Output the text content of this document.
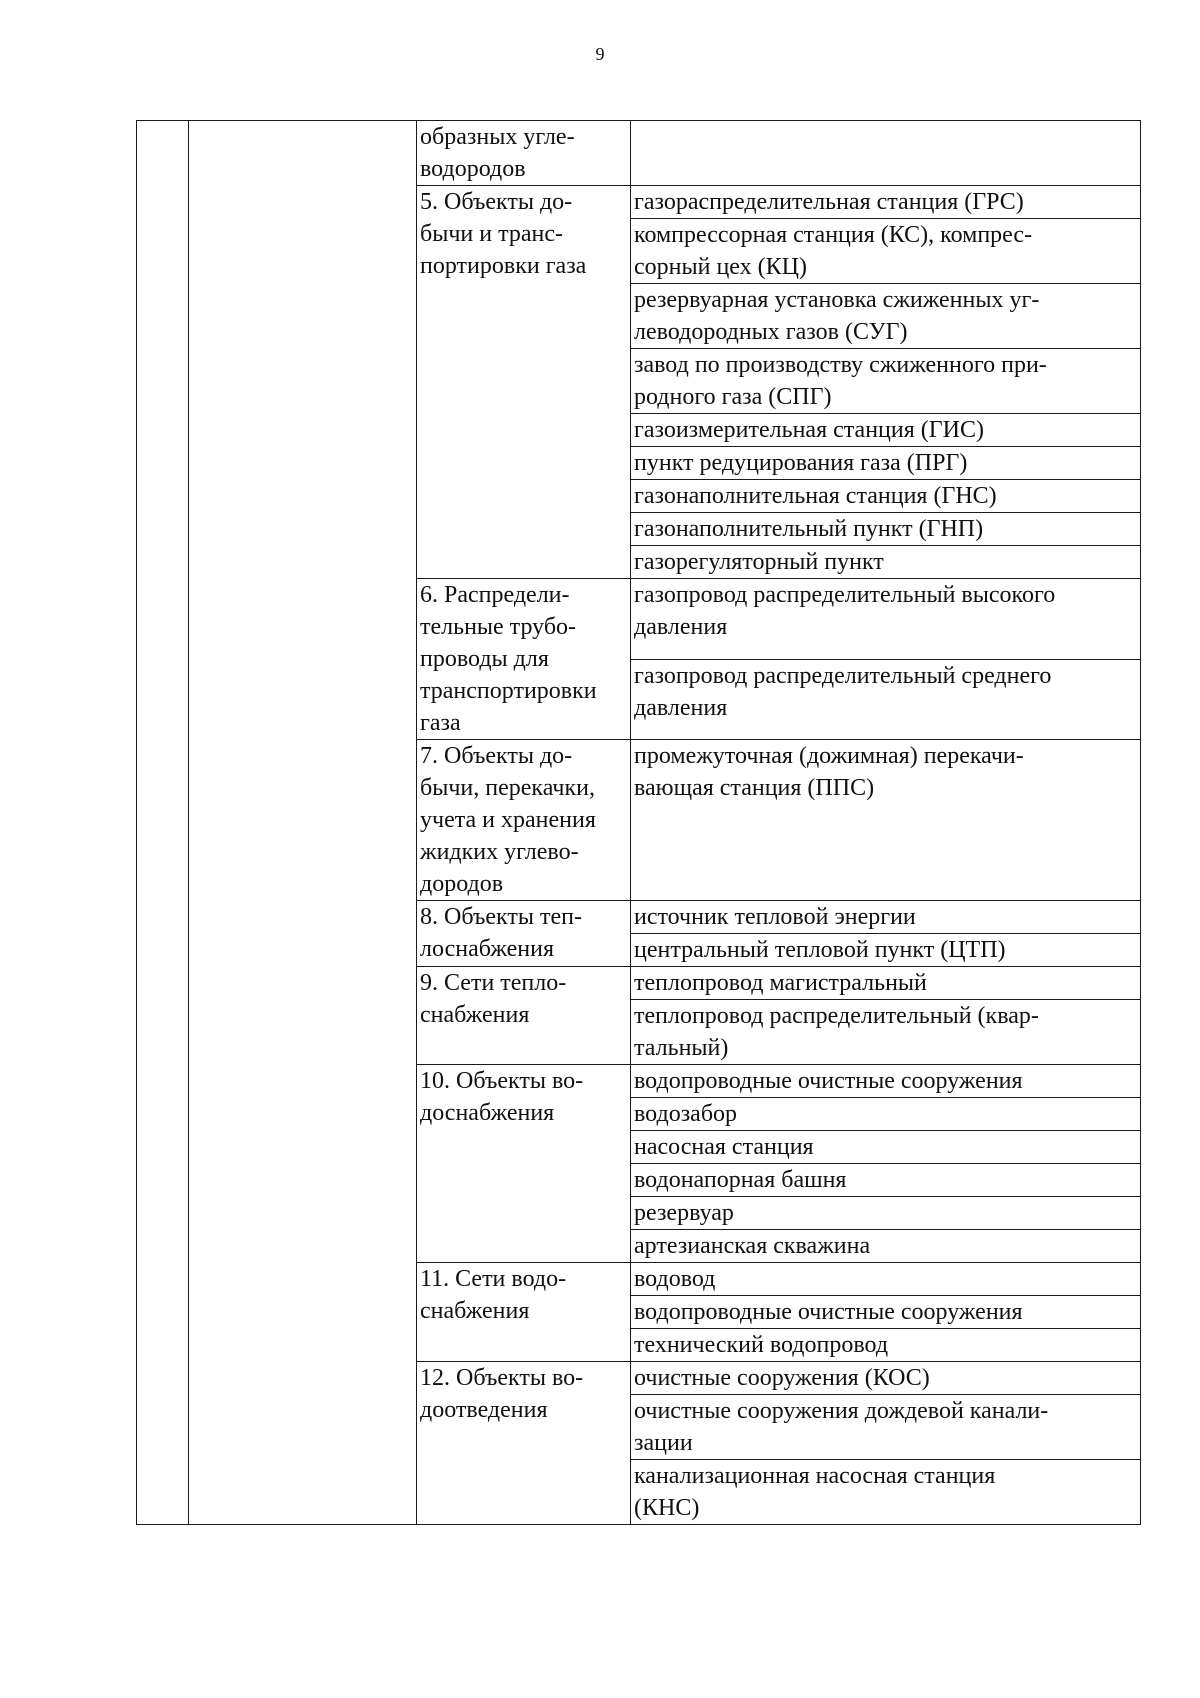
9
		образных угле-
водородов	
		5. Объекты до-
бычи и транс-
портировки газа	газораспределительная станция (ГРС)
			компрессорная станция (КС), компрес-
сорный цех (КЦ)
			резервуарная установка сжиженных уг-
леводородных газов (СУГ)
			завод по производству сжиженного при-
родного газа (СПГ)
			газоизмерительная станция (ГИС)
			пункт редуцирования газа (ПРГ)
			газонаполнительная станция (ГНС)
			газонаполнительный пункт (ГНП)
			газорегуляторный пункт
		6. Распредели-
тельные трубо-
проводы для
транспортировки
газа	газопровод распределительный высокого
давления
			газопровод распределительный среднего
давления
		7. Объекты до-
бычи, перекачки,
учета и хранения
жидких углево-
дородов	промежуточная (дожимная) перекачи-
вающая станция (ППС)
		8. Объекты теп-
лоснабжения	источник тепловой энергии
			центральный тепловой пункт (ЦТП)
		9. Сети тепло-
снабжения	теплопровод магистральный
			теплопровод распределительный (квар-
тальный)
		10. Объекты во-
доснабжения	водопроводные очистные сооружения
			водозабор
			насосная станция
			водонапорная башня
			резервуар
			артезианская скважина
		11. Сети водо-
снабжения	водовод
			водопроводные очистные сооружения
			технический водопровод
		12. Объекты во-
доотведения	очистные сооружения (КОС)
			очистные сооружения дождевой канали-
зации
			канализационная насосная станция
(КНС)
